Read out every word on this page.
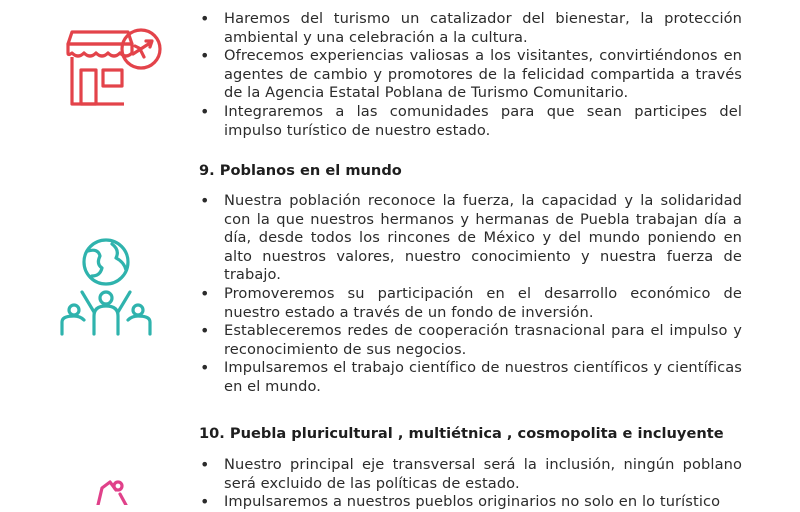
• Haremos del turismo un catalizador del bienestar, la protección ambiental y una celebración a la cultura.
• Ofrecemos experiencias valiosas a los visitantes, convirtiéndonos en agentes de cambio y promotores de la felicidad compartida a través de la Agencia Estatal Poblana de Turismo Comunitario.
• Integraremos a las comunidades para que sean participes del impulso turístico de nuestro estado.
9. Poblanos en el mundo
• Nuestra población reconoce la fuerza, la capacidad y la solidaridad con la que nuestros hermanos y hermanas de Puebla trabajan día a día, desde todos los rincones de México y del mundo poniendo en alto nuestros valores, nuestro conocimiento y nuestra fuerza de trabajo.
• Promoveremos su participación en el desarrollo económico de nuestro estado a través de un fondo de inversión.
• Estableceremos redes de cooperación trasnacional para el impulso y reconocimiento de sus negocios.
• Impulsaremos el trabajo científico de nuestros científicos y científicas en el mundo.
10. Puebla pluricultural , multiétnica , cosmopolita e incluyente
• Nuestro principal eje transversal será la inclusión, ningún poblano será excluido de las políticas de estado.
• Impulsaremos a nuestros pueblos originarios no solo en lo turístico
